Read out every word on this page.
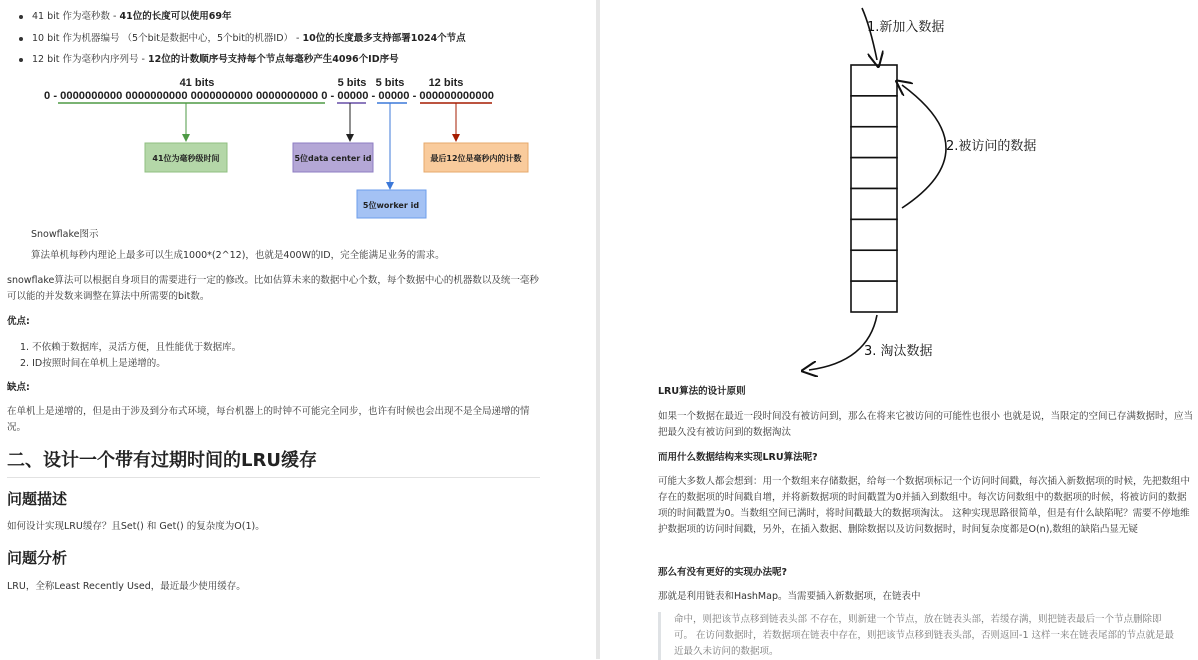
41 bit 作为毫秒数 - 41位的长度可以使用69年
10 bit 作为机器编号 （5个bit是数据中心，5个bit的机器ID） - 10位的长度最多支持部署1024个节点
12 bit 作为毫秒内序列号 - 12位的计数顺序号支持每个节点每毫秒产生4096个ID序号
41 bits	5 bits 5 bits 12 bits
0 - 0000000000 0000000000 0000000000 0000000000 0 - 00000 - 00000 - 000000000000
41位为毫秒级时间	5位data center id	最后12位是毫秒内的计数
5位worker id
Snowflake图示
算法单机每秒内理论上最多可以生成1000*(2^12)，也就是400W的ID，完全能满足业务的需求。
snowflake算法可以根据自身项目的需要进行一定的修改。比如估算未来的数据中心个数，每个数据中心的机器数以及统一毫秒可以能的并发数来调整在算法中所需要的bit数。
优点:
1. 不依赖于数据库，灵活方便，且性能优于数据库。
2. ID按照时间在单机上是递增的。
缺点:
在单机上是递增的，但是由于涉及到分布式环境，每台机器上的时钟不可能完全同步，也许有时候也会出现不是全局递增的情况。
二、设计一个带有过期时间的LRU缓存
问题描述
如何设计实现LRU缓存？且Set() 和 Get() 的复杂度为O(1)。
问题分析
LRU，全称Least Recently Used，最近最少使用缓存。
1.新加入数据
2.被访问的数据
3. 淘汰数据
LRU算法的设计原则
如果一个数据在最近一段时间没有被访问到，那么在将来它被访问的可能性也很小 也就是说，当限定的空间已存满数据时，应当把最久没有被访问到的数据淘汰
而用什么数据结构来实现LRU算法呢?
可能大多数人都会想到：用一个数组来存储数据，给每一个数据项标记一个访问时间戳，每次插入新数据项的时候，先把数组中存在的数据项的时间戳自增，并将新数据项的时间戳置为0并插入到数组中。每次访问数组中的数据项的时候，将被访问的数据项的时间戳置为0。当数组空间已满时，将时间戳最大的数据项淘汰。 这种实现思路很简单，但是有什么缺陷呢？需要不停地维护数据项的访问时间戳，另外，在插入数据、删除数据以及访问数据时，时间复杂度都是O(n),数组的缺陷凸显无疑
那么有没有更好的实现办法呢?
那就是利用链表和HashMap。当需要插入新数据项，在链表中
命中，则把该节点移到链表头部 不存在，则新建一个节点，放在链表头部，若缓存满，则把链表最后一个节点删除即可。 在访问数据时，若数据项在链表中存在，则把该节点移到链表头部，否则返回-1 这样一来在链表尾部的节点就是最近最久未访问的数据项。
